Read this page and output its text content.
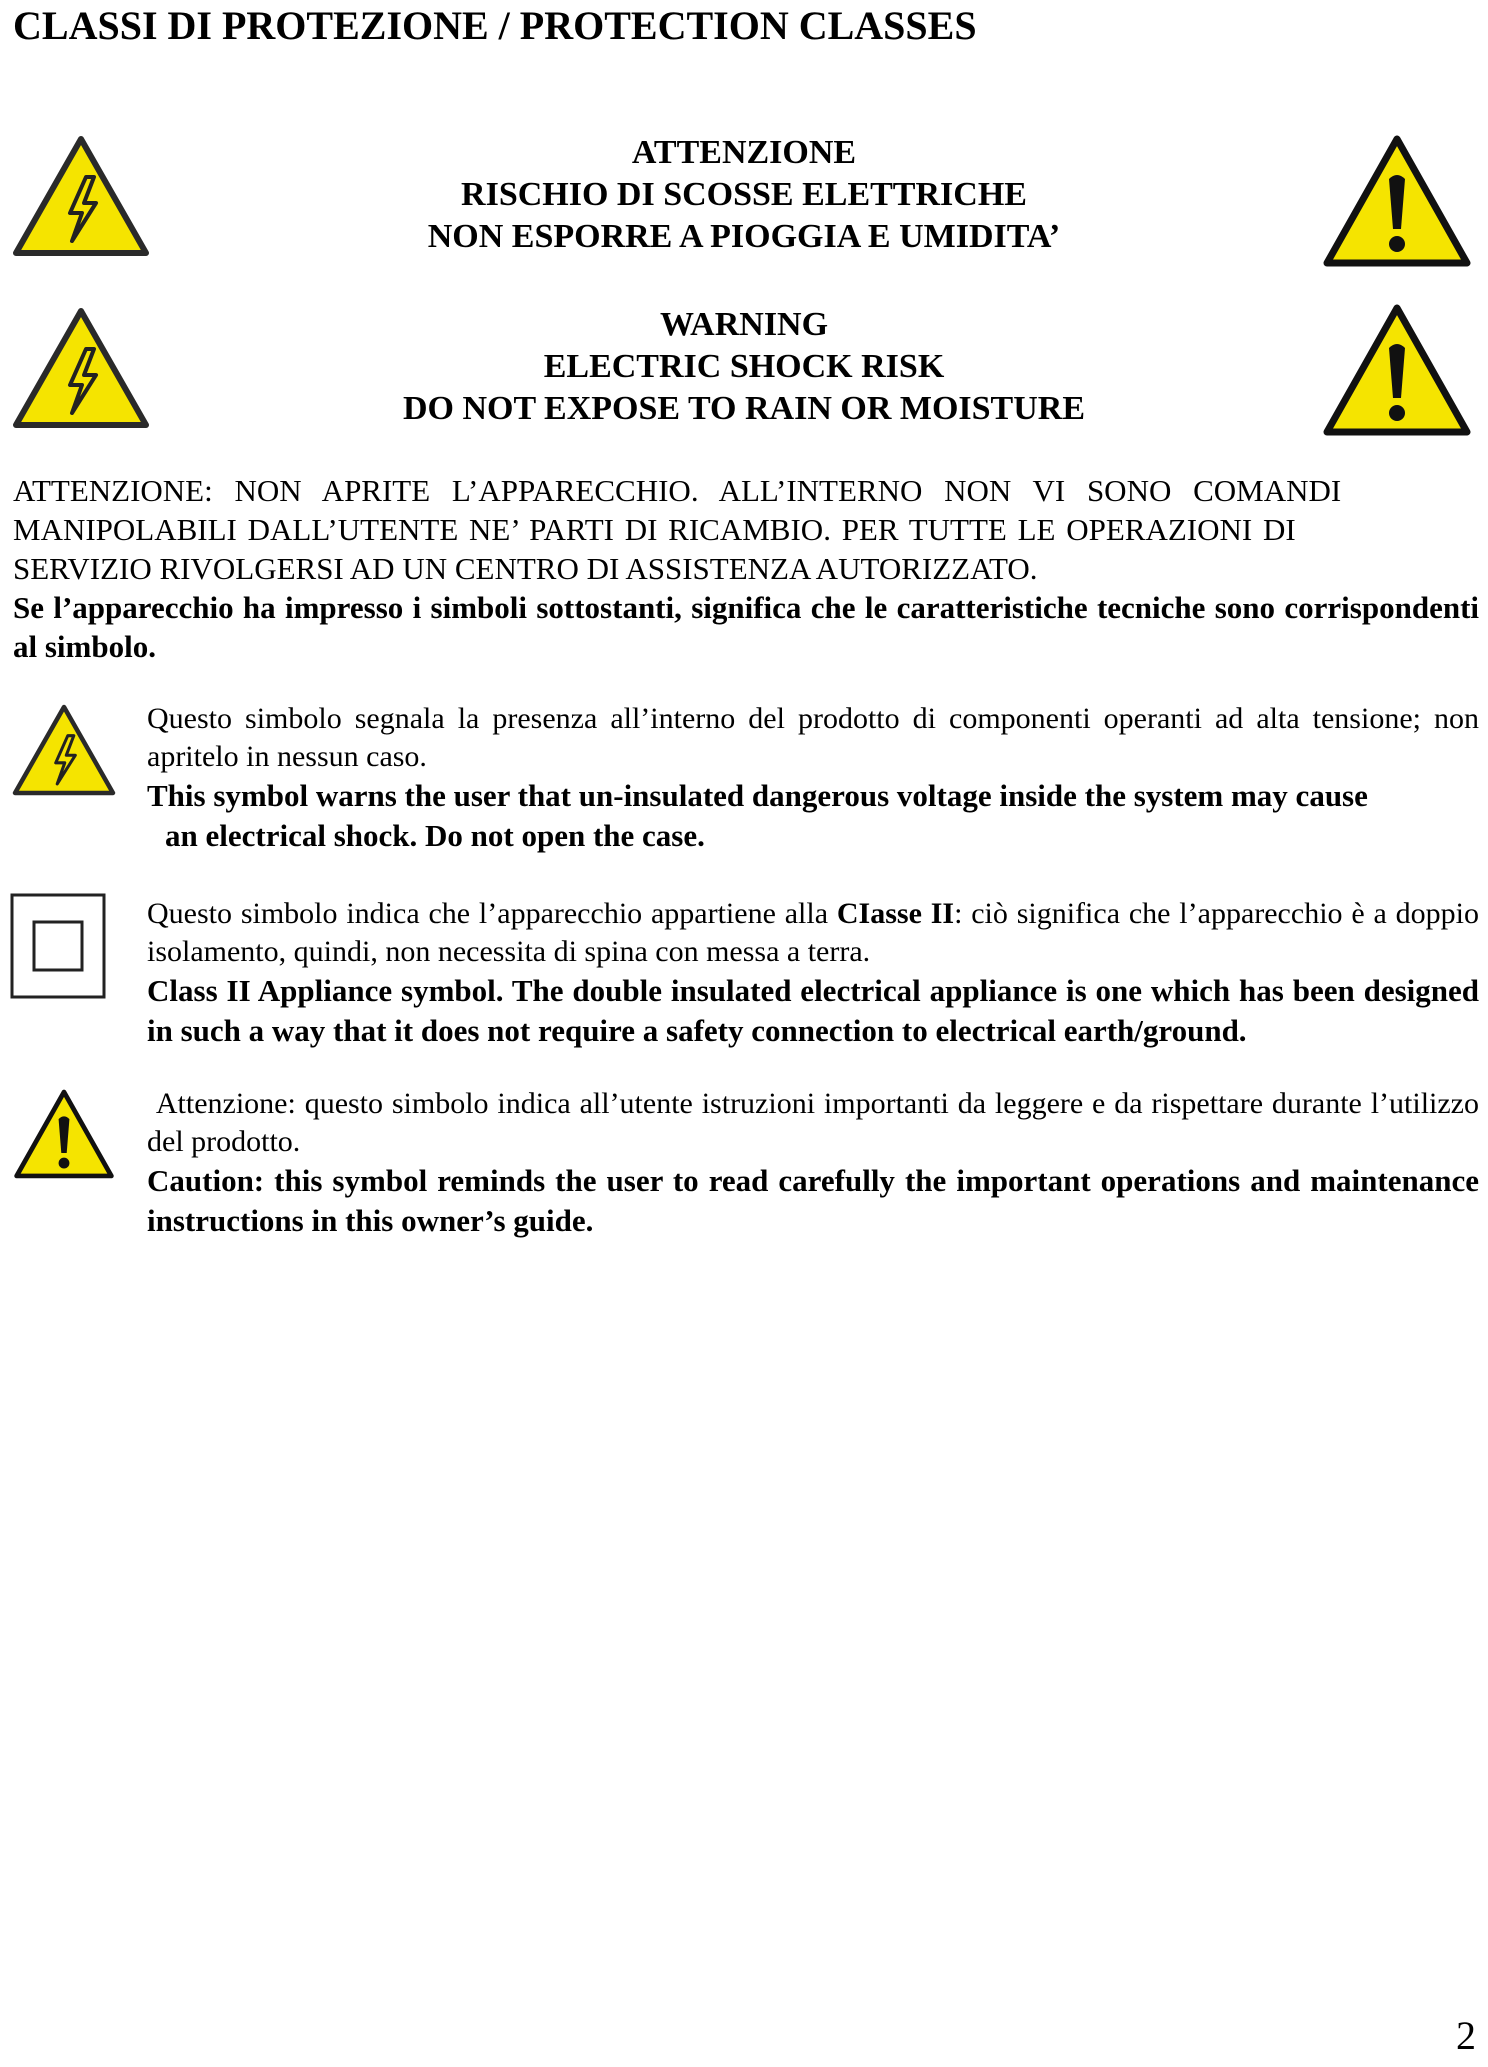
CLASSI DI PROTEZIONE / PROTECTION CLASSES
ATTENZIONE
RISCHIO DI SCOSSE ELETTRICHE
NON ESPORRE A PIOGGIA E UMIDITA’
WARNING
ELECTRIC SHOCK RISK
DO NOT EXPOSE TO RAIN OR MOISTURE
ATTENZIONE: NON APRITE L’APPARECCHIO. ALL’INTERNO NON VI SONO COMANDI
MANIPOLABILI DALL’UTENTE NE’ PARTI DI RICAMBIO. PER TUTTE LE OPERAZIONI DI
SERVIZIO RIVOLGERSI AD UN CENTRO DI ASSISTENZA AUTORIZZATO.
Se l’apparecchio ha impresso i simboli sottostanti, significa che le caratteristiche tecniche sono corrispondenti al simbolo.
Questo simbolo segnala la presenza all’interno del prodotto di componenti operanti ad alta tensione; non apritelo in nessun caso.
This symbol warns the user that un-insulated dangerous voltage inside the system may cause
an electrical shock. Do not open the case.
Questo simbolo indica che l’apparecchio appartiene alla CIasse II: ciò significa che l’apparecchio è a doppio isolamento, quindi, non necessita di spina con messa a terra.
Class II Appliance symbol. The double insulated electrical appliance is one which has been designed in such a way that it does not require a safety connection to electrical earth/ground.
Attenzione: questo simbolo indica all’utente istruzioni importanti da leggere e da rispettare durante l’utilizzo del prodotto.
Caution: this symbol reminds the user to read carefully the important operations and maintenance instructions in this owner’s guide.
2
